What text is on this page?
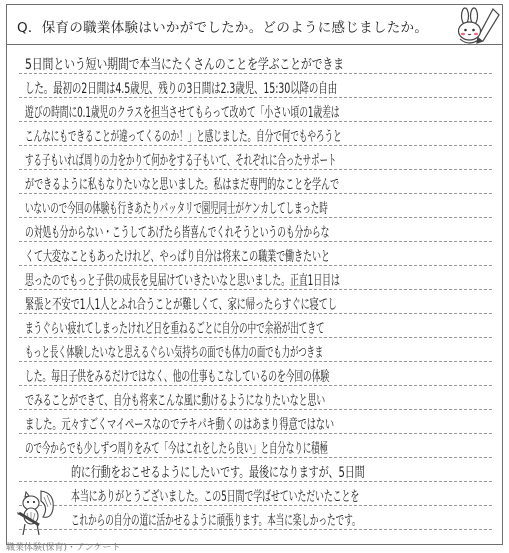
Q．保育の職業体験はいかがでしたか。どのように感じましたか。
5日間という短い期間で本当にたくさんのことを学ぶことができま
した。最初の2日間は4.5歳児、残りの3日間は2.3歳児、15:30以降の自由
遊びの時間に0.1歳児のクラスを担当させてもらって改めて「小さい頃の1歳差は
こんなにもできることが違ってくるのか！」と感じました。自分で何でもやろうと
する子もいれば周りの力をかりて何かをする子もいて、それぞれに合ったサポート
ができるように私もなりたいなと思いました。私はまだ専門的なことを学んで
いないので今回の体験も行きあたりバッタリで園児同士がケンカしてしまった時
の対処も分からない・こうしてあげたら皆喜んでくれそうというのも分からな
くて大変なこともあったけれど、やっぱり自分は将来この職業で働きたいと
思ったのでもっと子供の成長を見届けていきたいなと思いました。正直1日目は
緊張と不安で1人1人とふれ合うことが難しくて、家に帰ったらすぐに寝てし
まうぐらい疲れてしまったけれど日を重ねるごとに自分の中で余裕が出てきて
もっと長く体験したいなと思えるぐらい気持ちの面でも体力の面でも力がつきま
した。毎日子供をみるだけではなく、他の仕事もこなしているのを今回の体験
でみることができて、自分も将来こんな風に動けるようになりたいなと思い
ました。元々すごくマイペースなのでテキパキ動くのはあまり得意ではない
ので今からでも少しずつ周りをみて「今はこれをしたら良い」と自分なりに積極
的に行動をおこせるようにしたいです。最後になりますが、5日間
本当にありがとうございました。この5日間で学ばせていただいたことを
これからの自分の道に活かせるように頑張ります。本当に楽しかったです。
職業体験(保育)・アンケート
